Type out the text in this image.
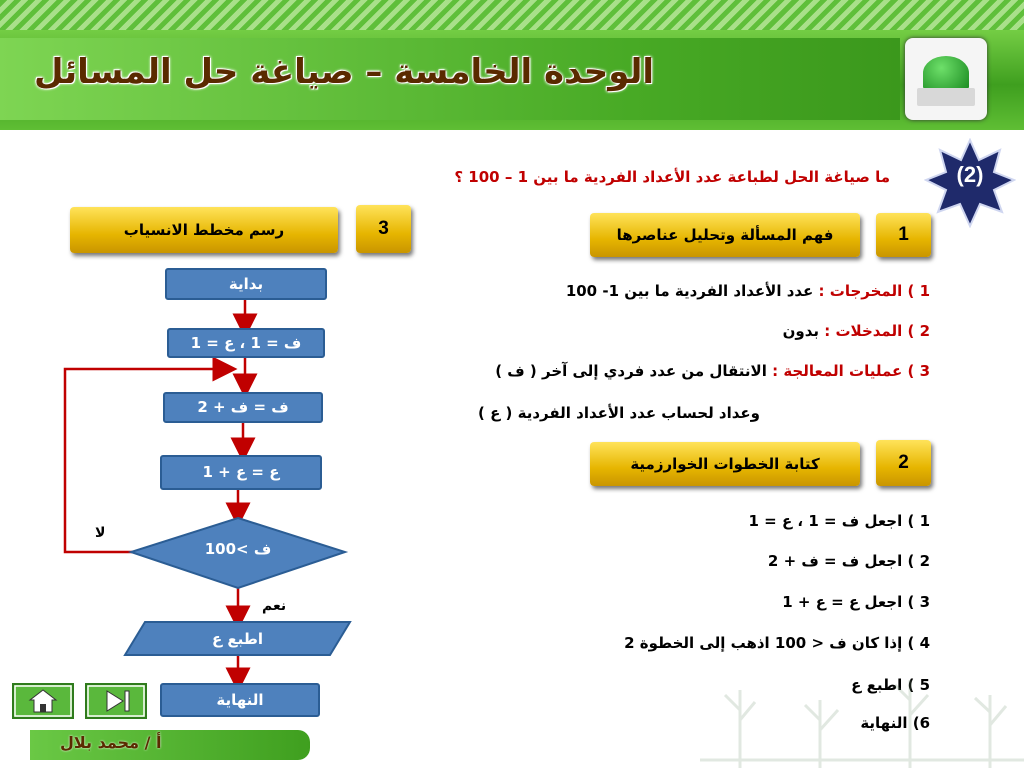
الوحدة الخامسة – صياغة حل المسائل
(2)
ما صياغة الحل لطباعة عدد الأعداد الفردية ما بين 1 – 100 ؟
فهم المسألة وتحليل عناصرها	1
1 ) المخرجات : عدد الأعداد الفردية ما بين 1- 100
2 ) المدخلات : بدون
3 ) عمليات المعالجة : الانتقال من عدد فردي إلى آخر ( ف )
وعداد لحساب عدد الأعداد الفردية ( ع )
كتابة الخطوات الخوارزمية	2
1 ) اجعل ف = 1 ، ع = 1
2 ) اجعل ف = ف + 2
3 ) اجعل ع = ع + 1
4 ) إذا كان ف < 100 اذهب إلى الخطوة 2
5 ) اطبع ع
6) النهاية
رسم مخطط الانسياب	3
بداية
ف = 1 ، ع = 1
ف = ف + 2
ع = ع + 1
ف >100
لا
نعم
اطبع ع
النهاية
أ / محمد بلال
